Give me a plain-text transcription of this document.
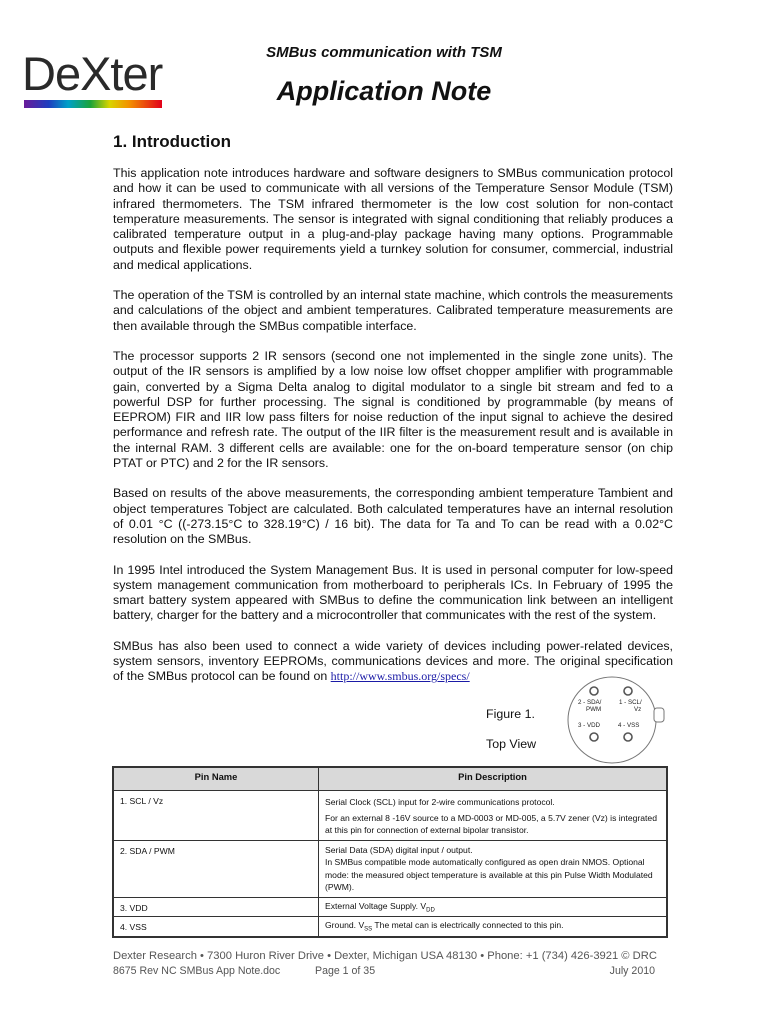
DeXter	SMBus communication with TSM
Application Note
1. Introduction

This application note introduces hardware and software designers to SMBus communication protocol and how it can be used to communicate with all versions of the Temperature Sensor Module (TSM) infrared thermometers. The TSM infrared thermometer is the low cost solution for non-contact temperature measurements. The sensor is integrated with signal conditioning that reliably produces a calibrated temperature output in a plug-and-play package having many options. Programmable outputs and flexible power requirements yield a turnkey solution for consumer, commercial, industrial and medical applications.

The operation of the TSM is controlled by an internal state machine, which controls the measurements and calculations of the object and ambient temperatures. Calibrated temperature measurements are then available through the SMBus compatible interface.

The processor supports 2 IR sensors (second one not implemented in the single zone units). The output of the IR sensors is amplified by a low noise low offset chopper amplifier with programmable gain, converted by a Sigma Delta analog to digital modulator to a single bit stream and fed to a powerful DSP for further processing. The signal is conditioned by programmable (by means of EEPROM) FIR and IIR low pass filters for noise reduction of the input signal to achieve the desired performance and refresh rate. The output of the IIR filter is the measurement result and is available in the internal RAM. 3 different cells are available: one for the on-board temperature sensor (on chip PTAT or PTC) and 2 for the IR sensors.

Based on results of the above measurements, the corresponding ambient temperature Tambient and object temperatures Tobject are calculated. Both calculated temperatures have an internal resolution of 0.01 °C ((-273.15°C to 328.19°C) / 16 bit). The data for Ta and To can be read with a 0.02°C resolution on the SMBus.

In 1995 Intel introduced the System Management Bus. It is used in personal computer for low-speed system management communication from motherboard to peripherals ICs. In February of 1995 the smart battery system appeared with SMBus to define the communication link between an intelligent battery, charger for the battery and a microcontroller that communicates with the rest of the system.

SMBus has also been used to connect a wide variety of devices including power-related devices, system sensors, inventory EEPROMs, communications devices and more. The original specification of the SMBus protocol can be found on http://www.smbus.org/specs/

Figure 1.
Top View
2 - SDA/
PWM
1 - SCL/
Vz
3 - VDD	4 - VSS
Pin Name	Pin Description
1. SCL / Vz	Serial Clock (SCL) input for 2-wire communications protocol.
For an external 8 -16V source to a MD-0003 or MD-005, a 5.7V zener (Vz) is integrated at this pin for connection of external bipolar transistor.

2. SDA / PWM	Serial Data (SDA) digital input / output.
In SMBus compatible mode automatically configured as open drain NMOS. Optional mode: the measured object temperature is available at this pin Pulse Width Modulated (PWM).

3. VDD	External Voltage Supply. $V_{DD}$
4. VSS	Ground. $V_{SS}$ The metal can is electrically connected to this pin.
Dexter Research • 7300 Huron River Drive • Dexter, Michigan USA 48130 • Phone: +1 (734) 426-3921 © DRC
8675 Rev NC SMBus App Note.doc	Page 1 of 35	July 2010
